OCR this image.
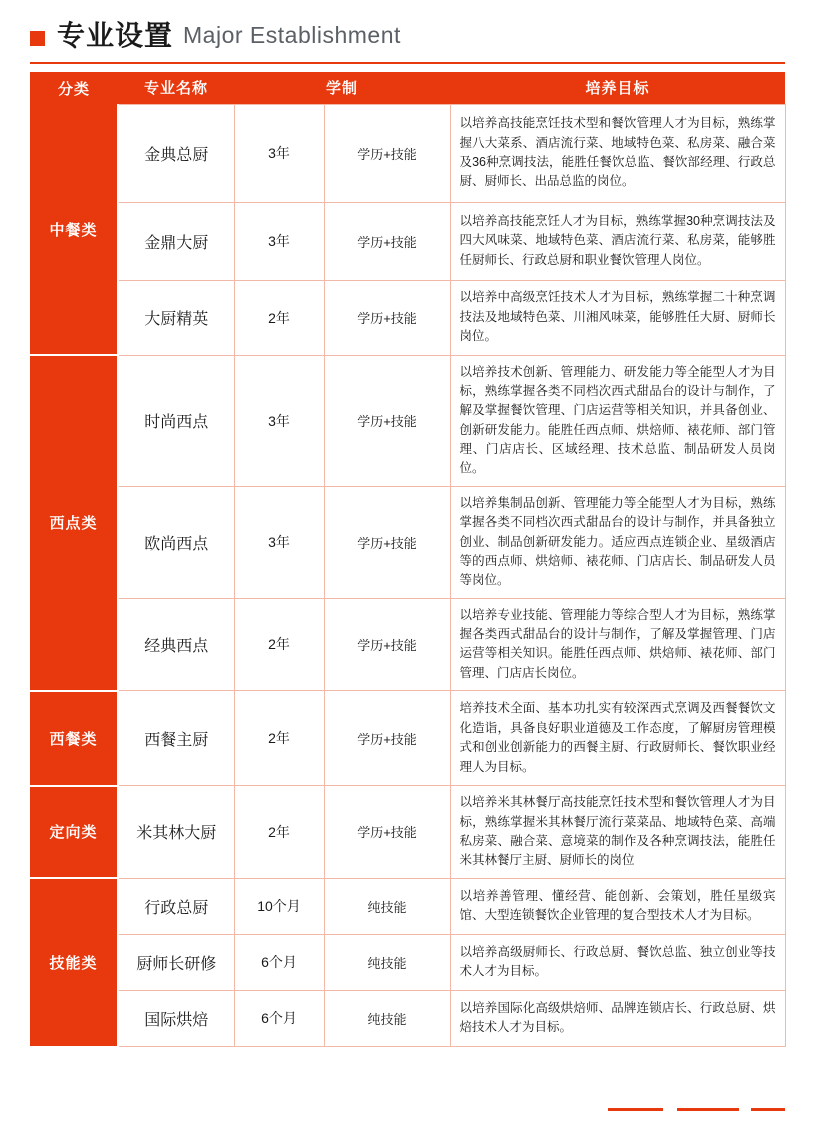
专业设置 Major Establishment
分类	专业名称	学制		培养目标
中餐类	金典总厨	3年	学历+技能	以培养高技能烹饪技术型和餐饮管理人才为目标，熟练掌握八大菜系、酒店流行菜、地域特色菜、私房菜、融合菜及36种烹调技法，能胜任餐饮总监、餐饮部经理、行政总厨、厨师长、出品总监的岗位。
	金鼎大厨	3年	学历+技能	以培养高技能烹饪人才为目标，熟练掌握30种烹调技法及四大风味菜、地域特色菜、酒店流行菜、私房菜，能够胜任厨师长、行政总厨和职业餐饮管理人岗位。
	大厨精英	2年	学历+技能	以培养中高级烹饪技术人才为目标，熟练掌握二十种烹调技法及地域特色菜、川湘风味菜，能够胜任大厨、厨师长岗位。
西点类	时尚西点	3年	学历+技能	以培养技术创新、管理能力、研发能力等全能型人才为目标，熟练掌握各类不同档次西式甜品台的设计与制作，了解及掌握餐饮管理、门店运营等相关知识，并具备创业、创新研发能力。能胜任西点师、烘焙师、裱花师、部门管理、门店店长、区域经理、技术总监、制品研发人员岗位。
	欧尚西点	3年	学历+技能	以培养集制品创新、管理能力等全能型人才为目标，熟练掌握各类不同档次西式甜品台的设计与制作，并具备独立创业、制品创新研发能力。适应西点连锁企业、星级酒店等的西点师、烘焙师、裱花师、门店店长、制品研发人员等岗位。
	经典西点	2年	学历+技能	以培养专业技能、管理能力等综合型人才为目标，熟练掌握各类西式甜品台的设计与制作，了解及掌握管理、门店运营等相关知识。能胜任西点师、烘焙师、裱花师、部门管理、门店店长岗位。
西餐类	西餐主厨	2年	学历+技能	培养技术全面、基本功扎实有较深西式烹调及西餐餐饮文化造诣，具备良好职业道德及工作态度，了解厨房管理模式和创业创新能力的西餐主厨、行政厨师长、餐饮职业经理人为目标。
定向类	米其林大厨	2年	学历+技能	以培养米其林餐厅高技能烹饪技术型和餐饮管理人才为目标，熟练掌握米其林餐厅流行菜菜品、地域特色菜、高端私房菜、融合菜、意境菜的制作及各种烹调技法，能胜任米其林餐厅主厨、厨师长的岗位
技能类	行政总厨	10个月	纯技能	以培养善管理、懂经营、能创新、会策划，胜任星级宾馆、大型连锁餐饮企业管理的复合型技术人才为目标。
	厨师长研修	6个月	纯技能	以培养高级厨师长、行政总厨、餐饮总监、独立创业等技术人才为目标。
	国际烘焙	6个月	纯技能	以培养国际化高级烘焙师、品牌连锁店长、行政总厨、烘焙技术人才为目标。
